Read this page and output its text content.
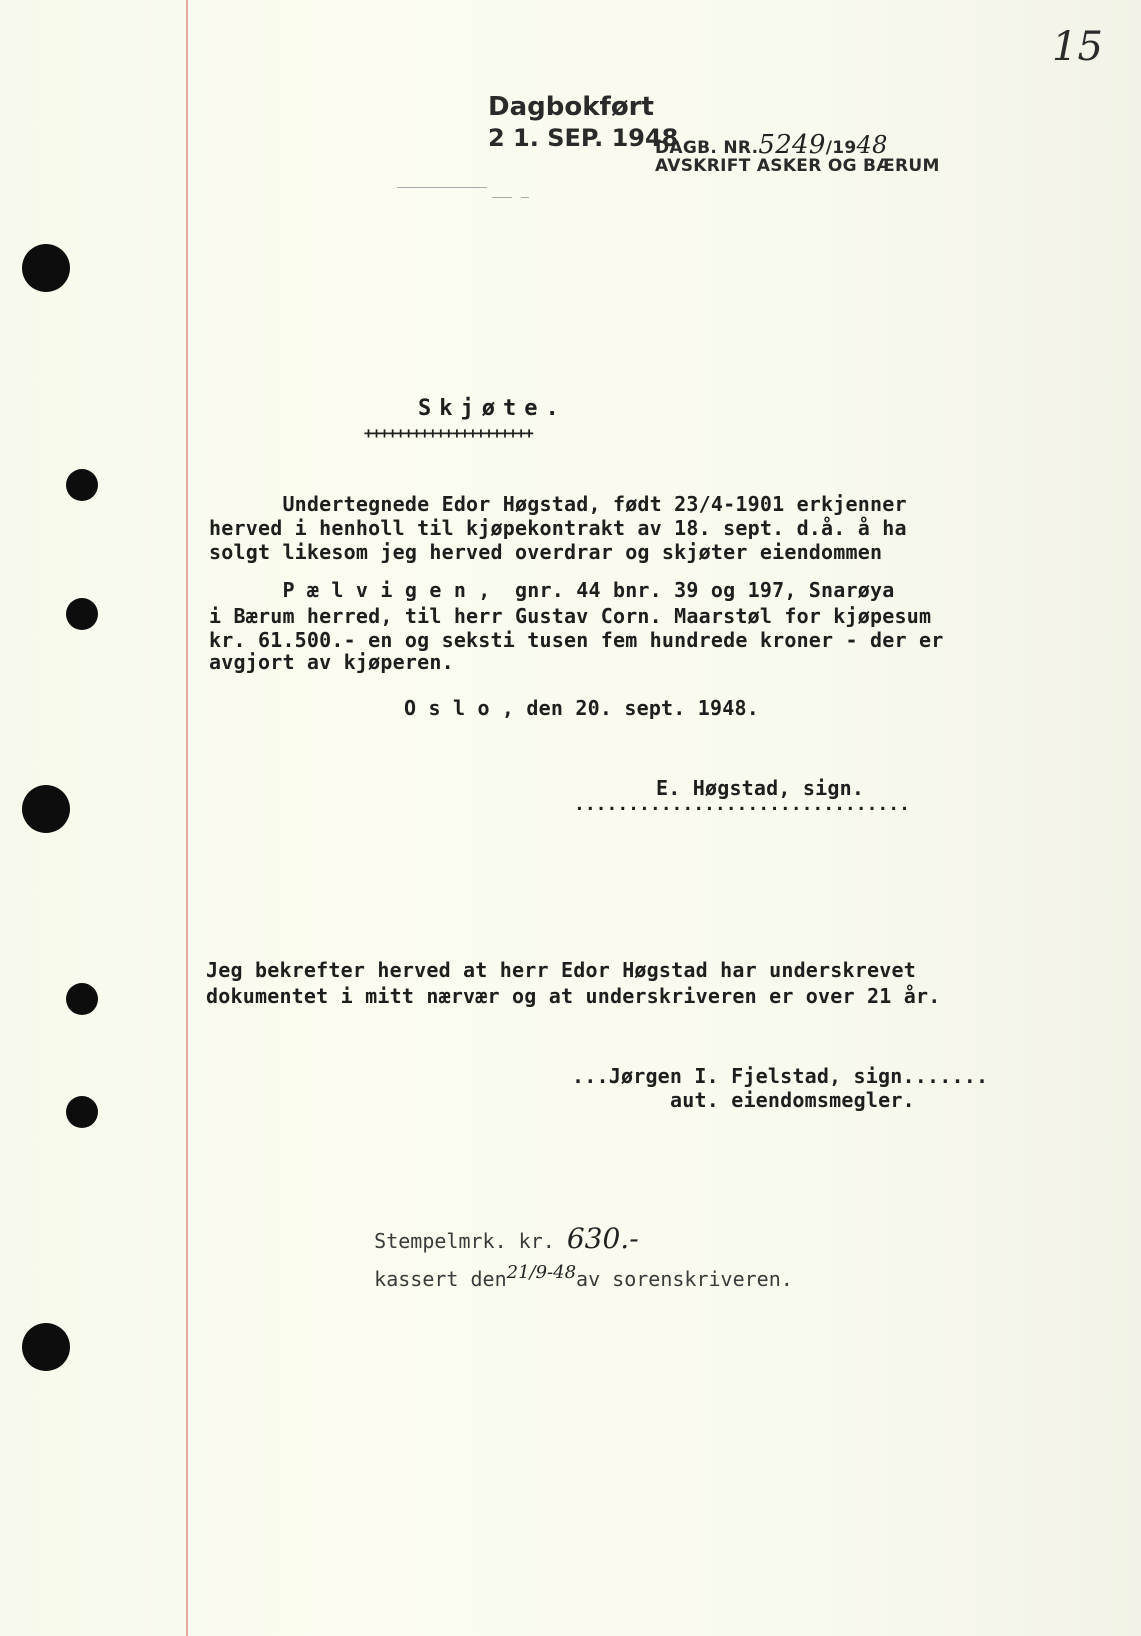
15
Dagbokført
2 1. SEP. 1948
DAGB. NR.5249/1948
AVSKRIFT ASKER OG BÆRUM
Skjøte.
+++++++++++++++++++++
Undertegnede Edor Høgstad, født 23/4-1901 erkjenner
herved i henholl til kjøpekontrakt av 18. sept. d.å. å ha
solgt likesom jeg herved overdrar og skjøter eiendommen
P æ l v i g e n ,  gnr. 44 bnr. 39 og 197, Snarøya
i Bærum herred, til herr Gustav Corn. Maarstøl for kjøpesum
kr. 61.500.- en og seksti tusen fem hundrede kroner - der er
avgjort av kjøperen.
O s l o , den 20. sept. 1948.
E. Høgstad, sign.
...............................
Jeg bekrefter herved at herr Edor Høgstad har underskrevet
dokumentet i mitt nærvær og at underskriveren er over 21 år.
...Jørgen I. Fjelstad, sign.......
aut. eiendomsmegler.

Stempelmrk. kr. 630.-

kassert den21/9-48av sorenskriveren.
